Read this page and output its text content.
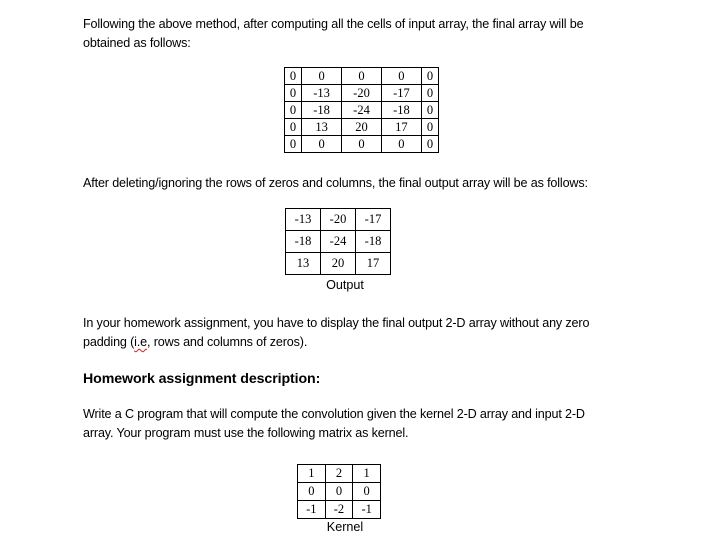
Following the above method, after computing all the cells of input array, the final array will be
obtained as follows:
0	0	0	0	0
0	-13	-20	-17	0
0	-18	-24	-18	0
0	13	20	17	0
0	0	0	0	0
After deleting/ignoring the rows of zeros and columns, the final output array will be as follows:
-13	-20	-17
-18	-24	-18
13	20	17
Output
In your homework assignment, you have to display the final output 2-D array without any zero
padding (i.e, rows and columns of zeros).
Homework assignment description:
Write a C program that will compute the convolution given the kernel 2-D array and input 2-D
array. Your program must use the following matrix as kernel.
1	2	1
0	0	0
-1	-2	-1
Kernel
